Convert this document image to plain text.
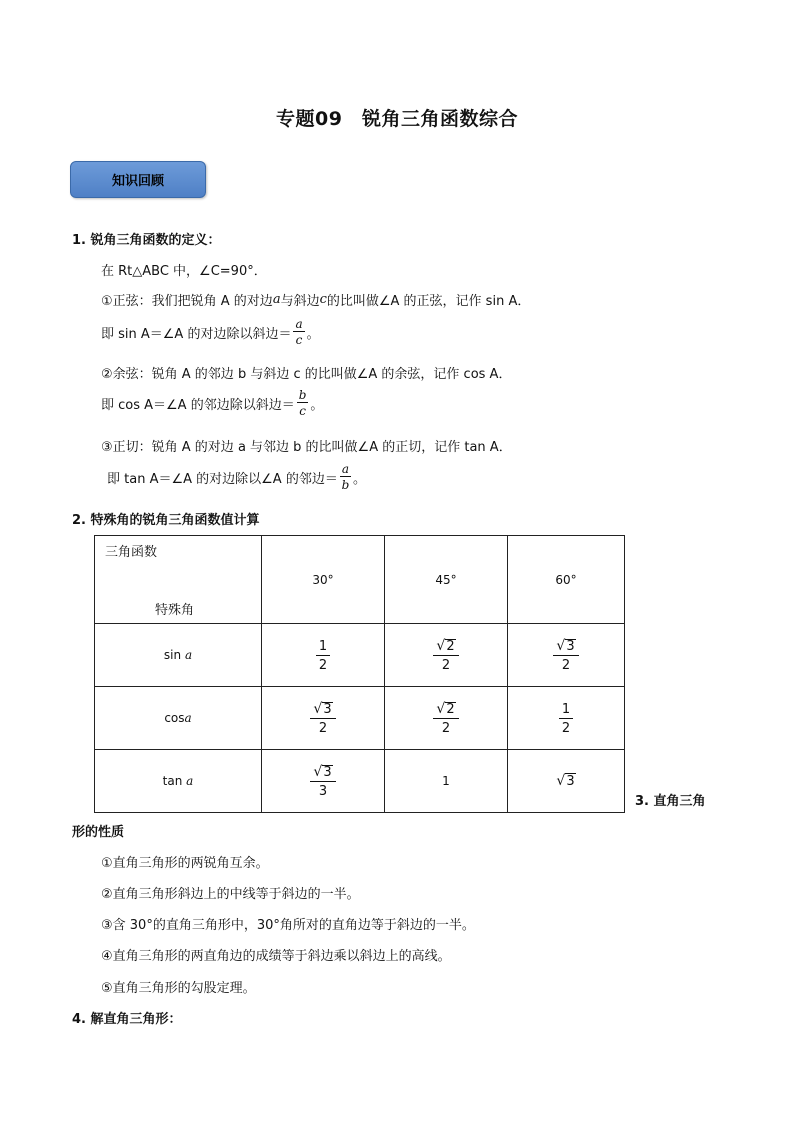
专题09　锐角三角函数综合
知识回顾
1. 锐角三角函数的定义：
在 Rt△ABC 中，∠C=90°．
①正弦：我们把锐角 A 的对边 a 与斜边 c 的比叫做∠A 的正弦，记作 sin A．
即 sin A＝∠A 的对边除以斜边＝ $\frac{a}{c}$ 。
②余弦：锐角 A 的邻边 b 与斜边 c 的比叫做∠A 的余弦，记作 cos A．
即 cos A＝∠A 的邻边除以斜边＝ $\frac{b}{c}$ 。
③正切：锐角 A 的对边 a 与邻边 b 的比叫做∠A 的正切，记作 tan A．
即 tan A＝∠A 的对边除以∠A 的邻边＝ $\frac{a}{b}$ 。
2. 特殊角的锐角三角函数值计算
三角函数
特殊角	30°	45°	60°
sin a	$\frac{1}{2}$	$\frac{√ 2}{2}$	$\frac{√ 3}{2}$

cosa	$\frac{√ 3}{2}$	$\frac{√ 2}{2}$	$\frac{1}{2}$

tan a	$\frac{√ 3}{3}$	1	√ 3
3. 直角三角
形的性质
①直角三角形的两锐角互余。
②直角三角形斜边上的中线等于斜边的一半。
③含 30°的直角三角形中，30°角所对的直角边等于斜边的一半。
④直角三角形的两直角边的成绩等于斜边乘以斜边上的高线。
⑤直角三角形的勾股定理。
4. 解直角三角形：
